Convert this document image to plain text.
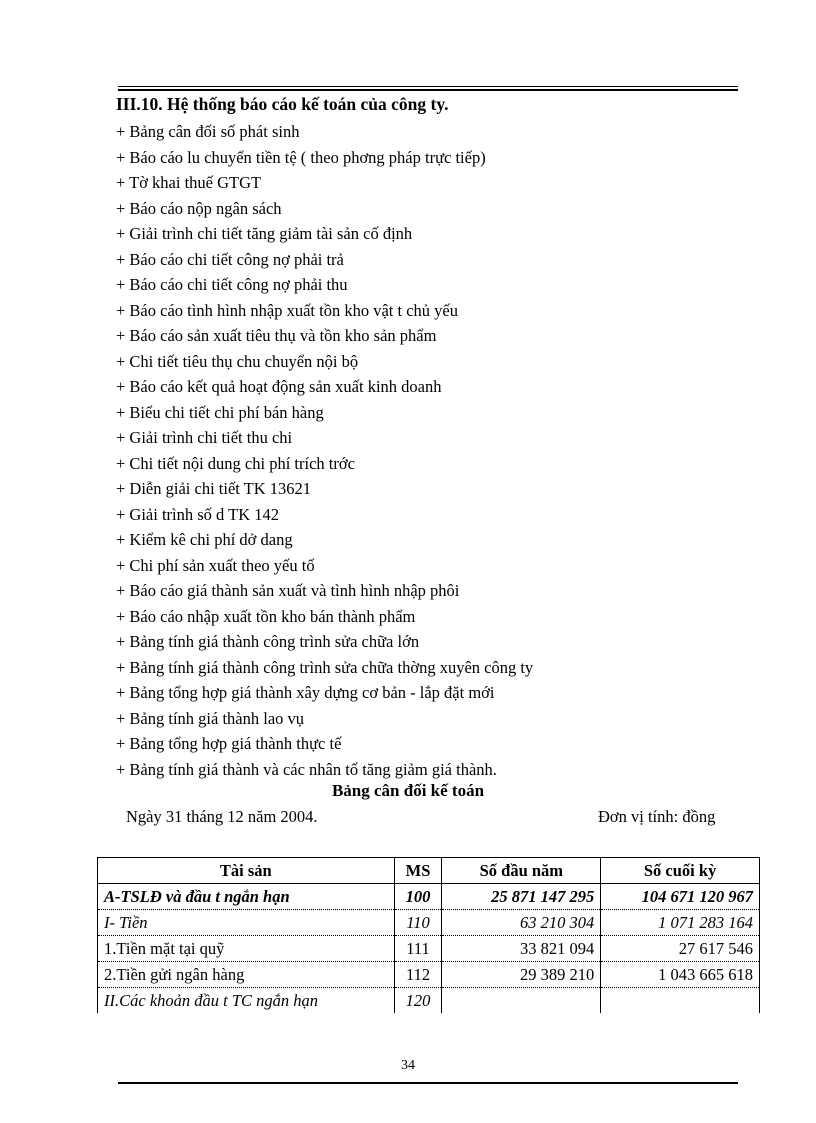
III.10. Hệ thống báo cáo kế toán của công ty.
+ Bảng cân đối số phát sinh
+ Báo cáo lu chuyển tiền tệ ( theo phơng pháp trực tiếp)
+ Tờ khai thuế GTGT
+ Báo cáo nộp ngân sách
+ Giải trình chi tiết tăng giảm tài sản cố định
+ Báo cáo chi tiết công nợ phải trả
+ Báo cáo chi tiết công nợ phải thu
+ Báo cáo tình hình nhập xuất tồn kho vật t chủ yếu
+ Báo cáo sản xuất tiêu thụ và tồn kho sản phẩm
+ Chi tiết tiêu thụ chu chuyển nội bộ
+ Báo cáo kết quả hoạt động sản xuất kinh doanh
+ Biểu chi tiết chi phí bán hàng
+ Giải trình chi tiết thu chi
+ Chi tiết nội dung chi phí trích trớc
+ Diễn giải chi tiết TK 13621
+ Giải trình số d TK 142
+ Kiểm kê chi phí dở dang
+ Chi phí sản xuất theo yếu tố
+ Báo cáo giá thành sản xuất và tình hình nhập phôi
+ Báo cáo nhập xuất tồn kho bán thành phẩm
+ Bảng tính giá thành công trình sửa chữa lớn
+ Bảng tính giá thành công trình sửa chữa thờng xuyên công ty
+ Bảng tổng hợp giá thành xây dựng cơ bản - lắp đặt mới
+ Bảng tính giá thành lao vụ
+ Bảng tổng hợp giá thành thực tế
+ Bảng tính giá thành và các nhân tố tăng giảm giá thành.
Bảng cân đối kế toán
Ngày 31 tháng 12 năm 2004.	Đơn vị tính: đồng
Tài sản	MS	Số đầu năm	Số cuối kỳ
A-TSLĐ và đầu t ngắn hạn	100	25 871 147 295	104 671 120 967
I- Tiền	110	63 210 304	1 071 283 164
1.Tiền mặt tại quỹ	111	33 821 094	27 617 546
2.Tiền gửi ngân hàng	112	29 389 210	1 043 665 618
II.Các khoản đầu t TC ngắn hạn	120		
34
